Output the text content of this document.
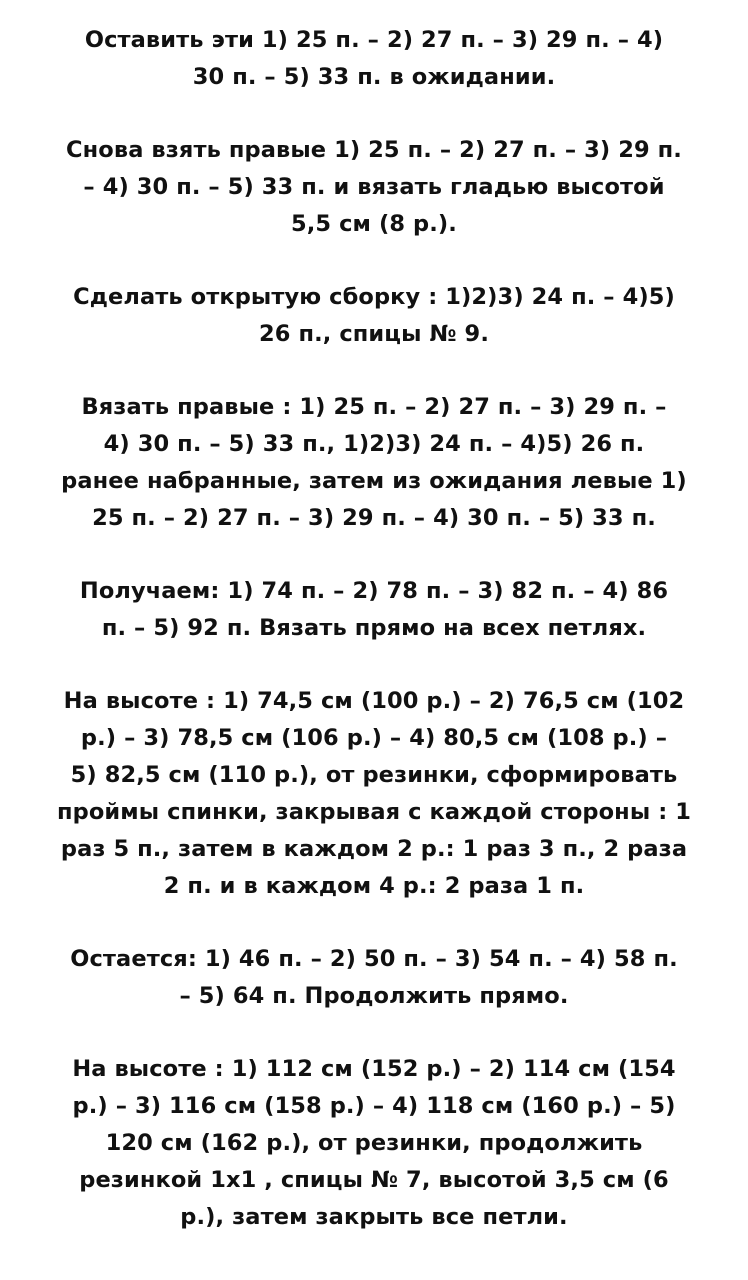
Оставить эти 1) 25 п. – 2) 27 п. – 3) 29 п. – 4)
30 п. – 5) 33 п. в ожидании.

Снова взять правые 1) 25 п. – 2) 27 п. – 3) 29 п.
– 4) 30 п. – 5) 33 п. и вязать гладью высотой
5,5 см (8 р.).

Сделать открытую сборку : 1)2)3) 24 п. – 4)5)
26 п., спицы № 9.

Вязать правые : 1) 25 п. – 2) 27 п. – 3) 29 п. –
4) 30 п. – 5) 33 п., 1)2)3) 24 п. – 4)5) 26 п.
ранее набранные, затем из ожидания левые 1)
25 п. – 2) 27 п. – 3) 29 п. – 4) 30 п. – 5) 33 п.

Получаем: 1) 74 п. – 2) 78 п. – 3) 82 п. – 4) 86
п. – 5) 92 п. Вязать прямо на всех петлях.

На высоте : 1) 74,5 см (100 р.) – 2) 76,5 см (102
р.) – 3) 78,5 см (106 р.) – 4) 80,5 см (108 р.) –
5) 82,5 см (110 р.), от резинки, сформировать
проймы спинки, закрывая с каждой стороны : 1
раз 5 п., затем в каждом 2 р.: 1 раз 3 п., 2 раза
2 п. и в каждом 4 р.: 2 раза 1 п.

Остается: 1) 46 п. – 2) 50 п. – 3) 54 п. – 4) 58 п.
– 5) 64 п. Продолжить прямо.

На высоте : 1) 112 см (152 р.) – 2) 114 см (154
р.) – 3) 116 см (158 р.) – 4) 118 см (160 р.) – 5)
120 см (162 р.), от резинки, продолжить
резинкой 1х1 , спицы № 7, высотой 3,5 см (6
р.), затем закрыть все петли.
